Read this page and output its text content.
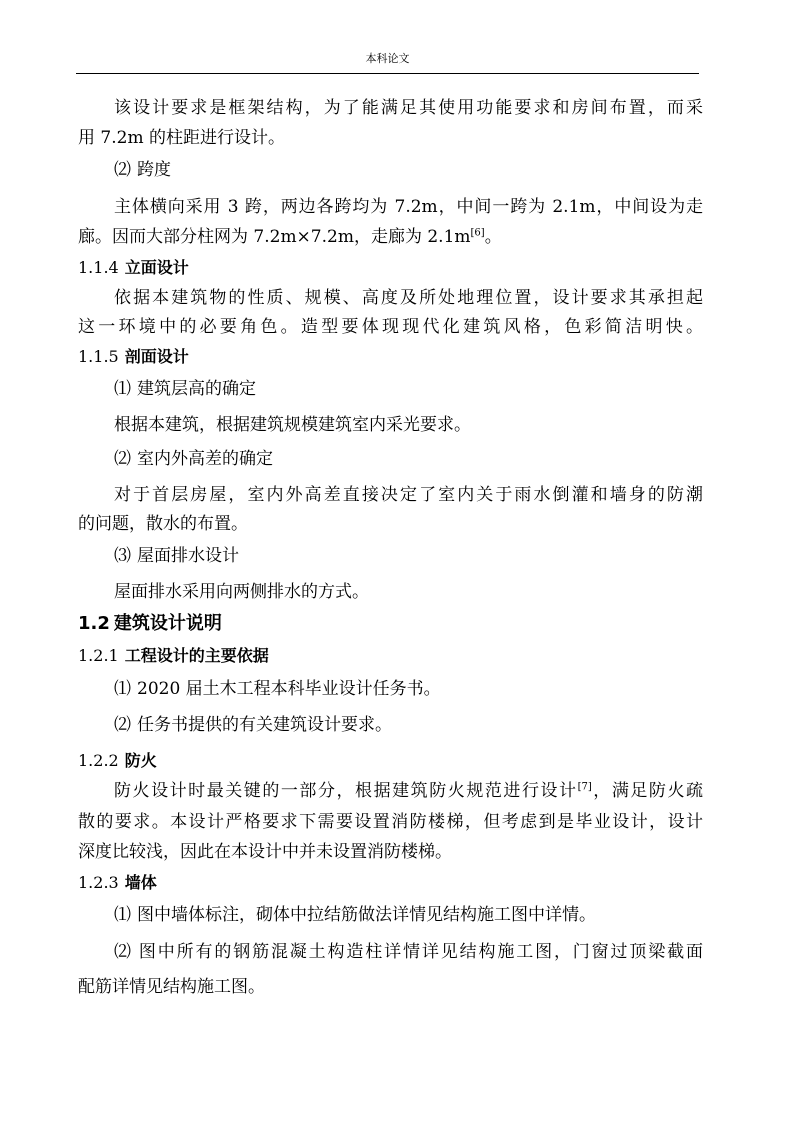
本科论文
该设计要求是框架结构，为了能满足其使用功能要求和房间布置，而采
用 7.2m 的柱距进行设计。
⑵ 跨度
主体横向采用 3 跨，两边各跨均为 7.2m，中间一跨为 2.1m，中间设为走
廊。因而大部分柱网为 7.2m×7.2m，走廊为 2.1m[6]。
1.1.4 立面设计
依据本建筑物的性质、规模、高度及所处地理位置，设计要求其承担起
这一环境中的必要角色。造型要体现现代化建筑风格，色彩简洁明快。
1.1.5 剖面设计
⑴ 建筑层高的确定
根据本建筑，根据建筑规模建筑室内采光要求。
⑵ 室内外高差的确定
对于首层房屋，室内外高差直接决定了室内关于雨水倒灌和墙身的防潮
的问题，散水的布置。
⑶ 屋面排水设计
屋面排水采用向两侧排水的方式。
1.2 建筑设计说明
1.2.1 工程设计的主要依据
⑴ 2020 届土木工程本科毕业设计任务书。
⑵ 任务书提供的有关建筑设计要求。
1.2.2 防火
防火设计时最关键的一部分，根据建筑防火规范进行设计[7]，满足防火疏
散的要求。本设计严格要求下需要设置消防楼梯，但考虑到是毕业设计，设计
深度比较浅，因此在本设计中并未设置消防楼梯。
1.2.3 墙体
⑴ 图中墙体标注，砌体中拉结筋做法详情见结构施工图中详情。
⑵ 图中所有的钢筋混凝土构造柱详情详见结构施工图，门窗过顶梁截面
配筋详情见结构施工图。
